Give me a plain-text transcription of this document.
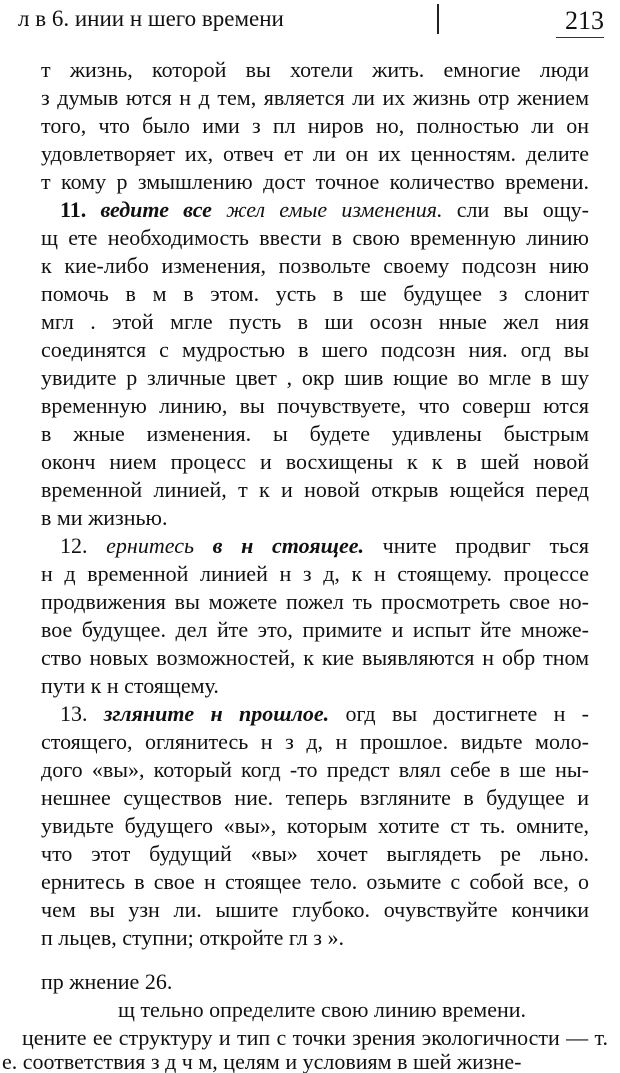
л в 6. инии н шего времени	213
т жизнь, которой вы хотели жить. емногие люди
з думыв ются н д тем, является ли их жизнь отр жением
того, что было ими з пл ниров но, полностью ли он
удовлетворяет их, отвеч ет ли он их ценностям. делите
т кому р змышлению дост точное количество времени.
11. ведите все жел емые изменения. сли вы ощу-
щ ете необходимость ввести в свою временную линию
к кие-либо изменения, позвольте своему подсозн нию
помочь в м в этом. усть в ше будущее з слонит
мгл . этой мгле пусть в ши осозн нные жел ния
соединятся с мудростью в шего подсозн ния. огд вы
увидите р зличные цвет , окр шив ющие во мгле в шу
временную линию, вы почувствуете, что соверш ются
в жные изменения. ы будете удивлены быстрым
оконч нием процесс и восхищены к к в шей новой
временной линией, т к и новой открыв ющейся перед
в ми жизнью.
12. ернитесь в н стоящее. чните продвиг ться
н д временной линией н з д, к н стоящему. процессе
продвижения вы можете пожел ть просмотреть свое но-
вое будущее. дел йте это, примите и испыт йте множе-
ство новых возможностей, к кие выявляются н обр тном
пути к н стоящему.
13. зглянитe н прошлое. огд вы достигнете н -
стоящего, оглянитесь н з д, н прошлое. видьте моло-
дого «вы», который когд -то предст влял себе в ше ны-
нешнее существов ние. теперь взгляните в будущее и
увидьте будущего «вы», которым хотите ст ть. омните,
что этот будущий «вы» хочет выглядеть ре льно.
ернитесь в свое н стоящее тело. озьмите с собой все, о
чем вы узн ли. ышите глубоко. очувствуйте кончики
п льцев, ступни; откройте гл з ».
пр жнение 26.
щ тельно определите свою линию времени.
цените ее структуру и тип с точки зрения экологичности — т.
е. соответствия з д ч м, целям и условиям в шей жизне-
